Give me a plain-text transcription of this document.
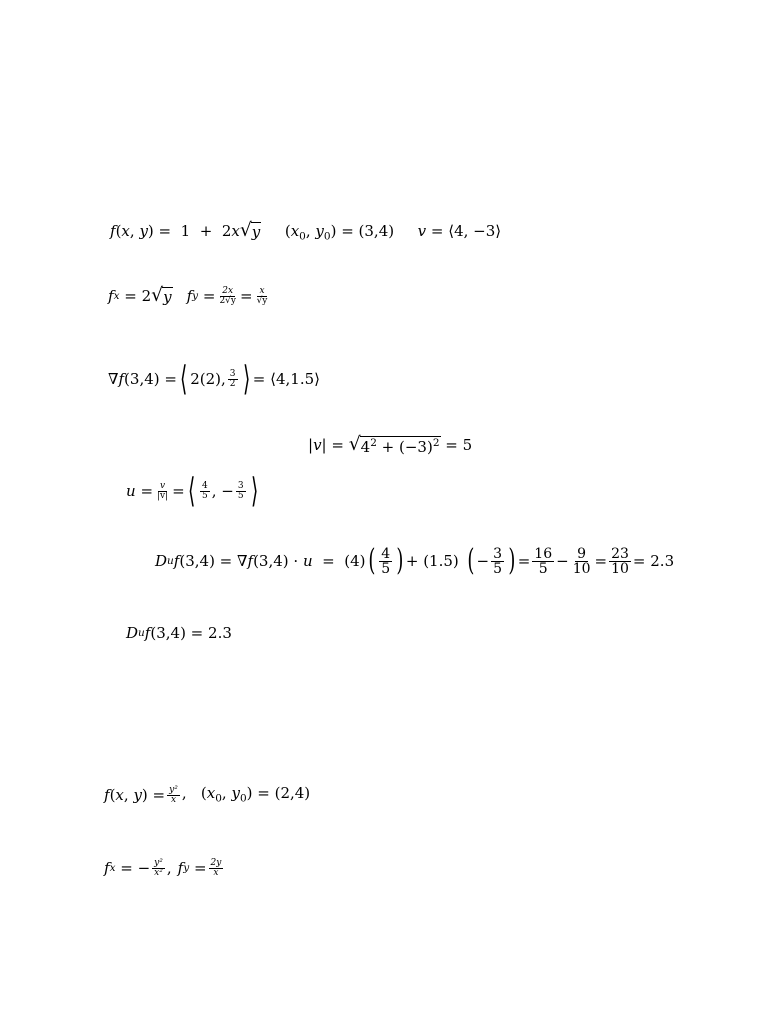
f ( x , y ) =  1  +  2 x √ y ($x_0$, $y_0) = (3,4)$ v = ⟨4, −3⟩
f x
= 2 √ y f $y = \frac{2x}{2√y} = \frac{x}{√y}$
∇f(3,4) = ⟨ 2(2), $\frac{3}{2}$ ⟩ = ⟨4,1.5⟩
|v| = √ $4^2 + (-3)^2$
= 5
$u = \frac{v}{|v|}$ = ⟨ $\frac{4}{5}$ , − $\frac{3}{5}$ ⟩
D u f(3,4) = ∇f(3,4) · u  =  (4) ( $\frac{4}{5}$ ) + (1.5) ( − $\frac{3}{5}$ ) = $\frac{16}{5} - \frac{9}{10} = \frac{23}{10} = 2.3$
D u f(3,4) = 2.3
f(x, $y) = \frac{\text{y²}}{x}$ ,   ($x_0$, $y_0) = (2,4)$
f x
= − $\frac{\text{y²}}{\text{x²}}$ , f y
= $\frac{2y}{x}$
